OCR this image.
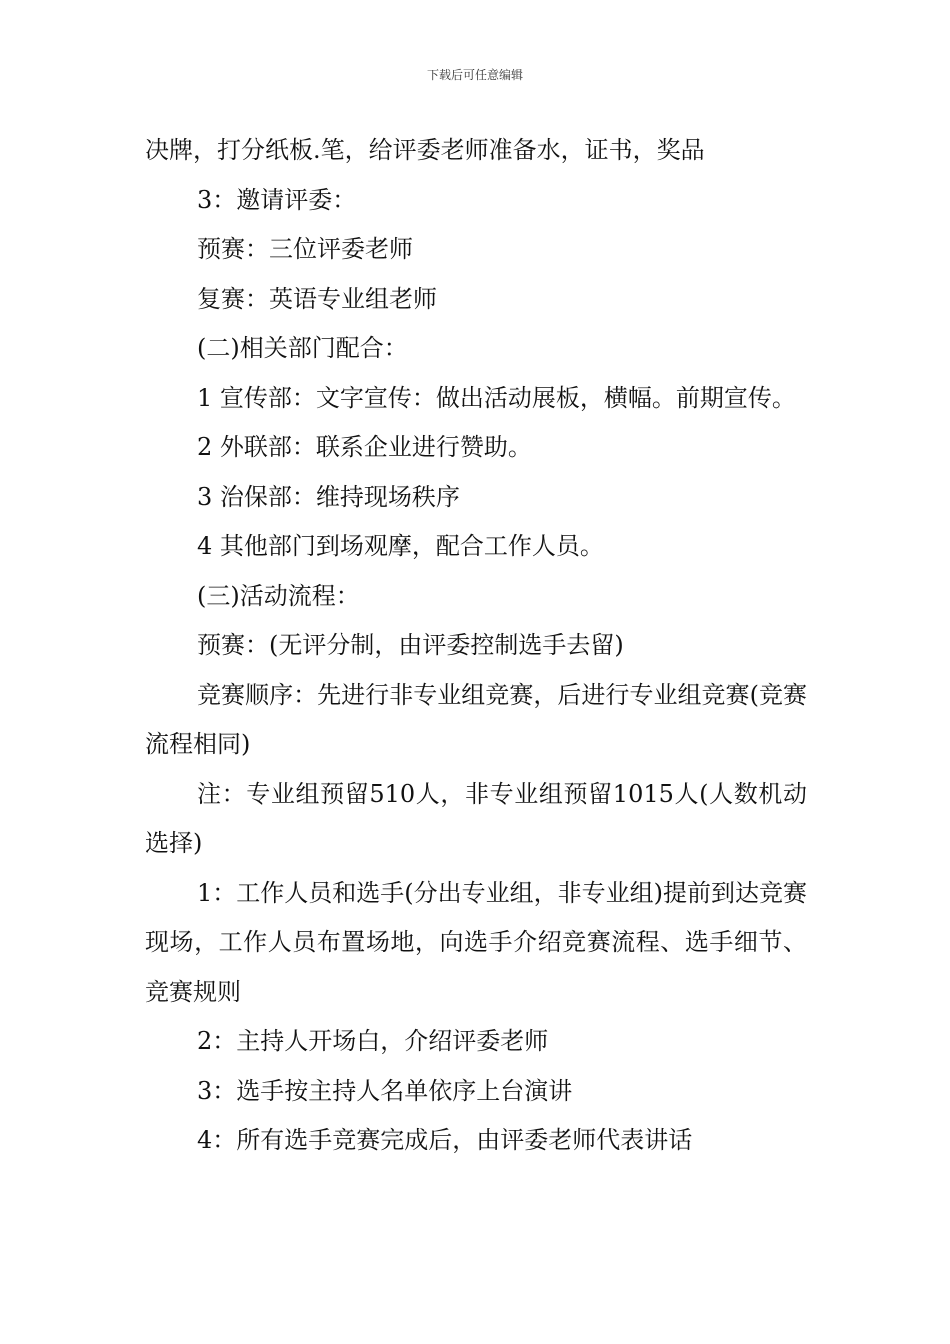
下载后可任意编辑

决牌，打分纸板.笔，给评委老师准备水，证书，奖品

3：邀请评委：

预赛：三位评委老师

复赛：英语专业组老师

(二)相关部门配合：

1 宣传部：文字宣传：做出活动展板，横幅。前期宣传。

2 外联部：联系企业进行赞助。

3 治保部：维持现场秩序

4 其他部门到场观摩，配合工作人员。

(三)活动流程：

预赛：(无评分制，由评委控制选手去留)

竞赛顺序：先进行非专业组竞赛，后进行专业组竞赛(竞赛流程相同)

注：专业组预留510人，非专业组预留1015人(人数机动选择)

1：工作人员和选手(分出专业组，非专业组)提前到达竞赛现场，工作人员布置场地，向选手介绍竞赛流程、选手细节、竞赛规则

2：主持人开场白，介绍评委老师

3：选手按主持人名单依序上台演讲

4：所有选手竞赛完成后，由评委老师代表讲话
